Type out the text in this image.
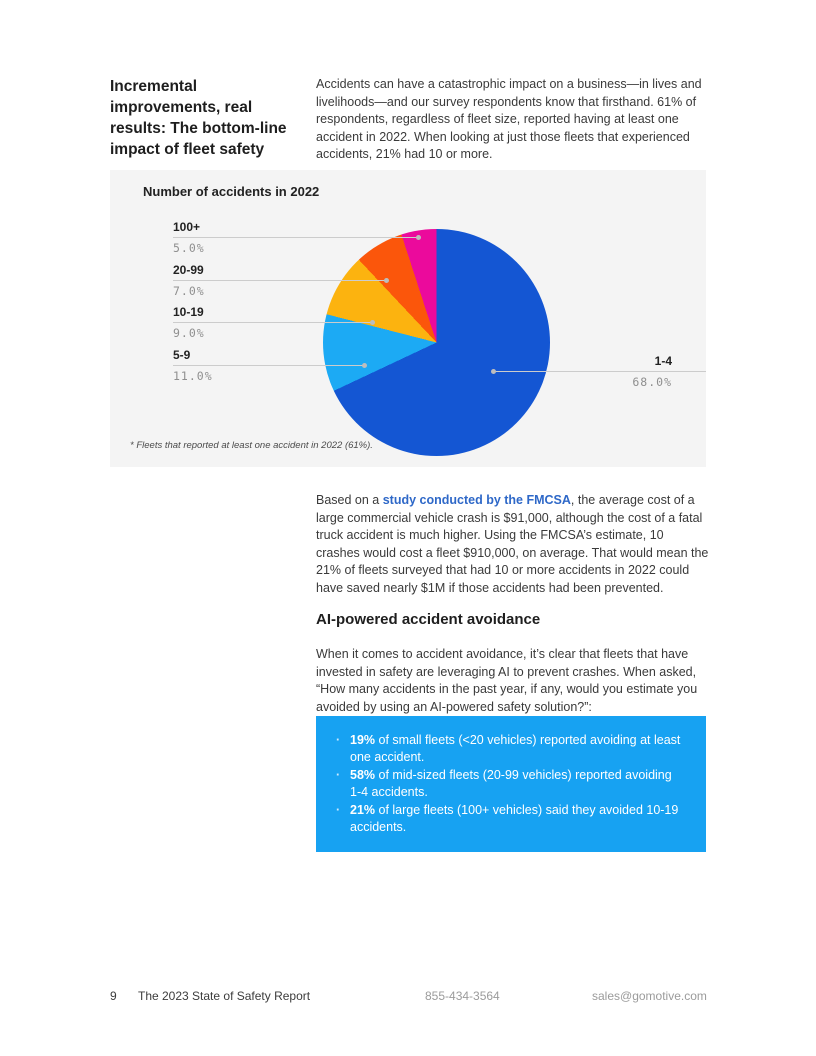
Incremental improvements, real results: The bottom-line impact of fleet safety

Accidents can have a catastrophic impact on a business—in lives and livelihoods—and our survey respondents know that firsthand. 61% of respondents, regardless of fleet size, reported having at least one accident in 2022. When looking at just those fleets that experienced accidents, 21% had 10 or more.

Number of accidents in 2022
100+
5.0%
20-99
7.0%
10-19
9.0%
5-9
11.0%
1-4
68.0%
* Fleets that reported at least one accident in 2022 (61%).

Based on a study conducted by the FMCSA, the average cost of a large commercial vehicle crash is $91,000, although the cost of a fatal truck accident is much higher. Using the FMCSA’s estimate, 10 crashes would cost a fleet $910,000, on average. That would mean the 21% of fleets surveyed that had 10 or more accidents in 2022 could have saved nearly $1M if those accidents had been prevented.

AI-powered accident avoidance

When it comes to accident avoidance, it’s clear that fleets that have invested in safety are leveraging AI to prevent crashes. When asked, “How many accidents in the past year, if any, would you estimate you avoided by using an AI-powered safety solution?”:

· 19% of small fleets (<20 vehicles) reported avoiding at least one accident.
· 58% of mid-sized fleets (20-99 vehicles) reported avoiding 1-4 accidents.
· 21% of large fleets (100+ vehicles) said they avoided 10-19 accidents.
9 The 2023 State of Safety Report	855-434-3564	sales@gomotive.com
